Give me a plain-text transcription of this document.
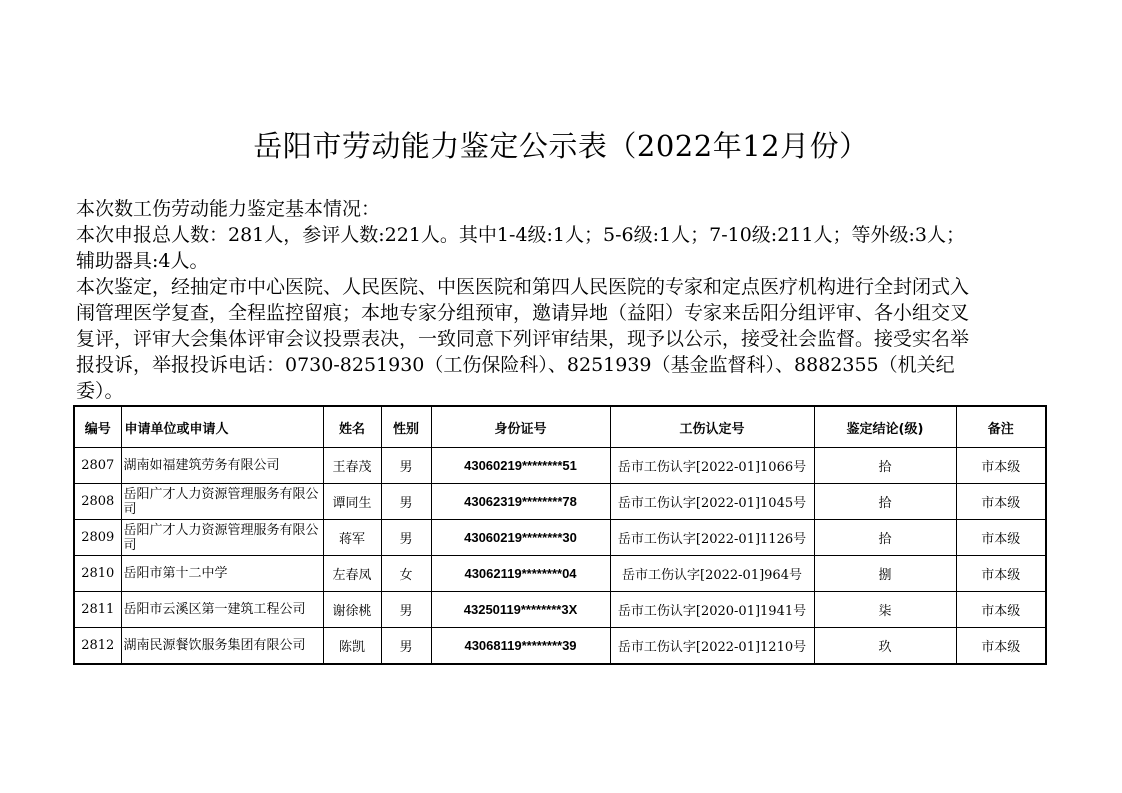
岳阳市劳动能力鉴定公示表（2022年12月份）

本次数工伤劳动能力鉴定基本情况：

本次申报总人数：281人，参评人数:221人。其中1-4级:1人；5-6级:1人；7-10级:211人；等外级:3人；辅助器具:4人。

本次鉴定，经抽定市中心医院、人民医院、中医医院和第四人民医院的专家和定点医疗机构进行全封闭式入闱管理医学复查，全程监控留痕；本地专家分组预审，邀请异地（益阳）专家来岳阳分组评审、各小组交叉复评，评审大会集体评审会议投票表决，一致同意下列评审结果，现予以公示，接受社会监督。接受实名举报投诉，举报投诉电话：0730-8251930（工伤保险科）、8251939（基金监督科）、8882355（机关纪委）。

编号	申请单位或申请人	姓名	性别	身份证号	工伤认定号	鉴定结论(级)	备注
2807	湖南如福建筑劳务有限公司	王春茂	男	43060219********51	岳市工伤认字[2022-01]1066号	拾	市本级
2808	岳阳广才人力资源管理服务有限公司	谭同生	男	43062319********78	岳市工伤认字[2022-01]1045号	拾	市本级
2809	岳阳广才人力资源管理服务有限公司	蒋军	男	43060219********30	岳市工伤认字[2022-01]1126号	拾	市本级
2810	岳阳市第十二中学	左春凤	女	43062119********04	岳市工伤认字[2022-01]964号	捌	市本级
2811	岳阳市云溪区第一建筑工程公司	谢徐桃	男	43250119********3X	岳市工伤认字[2020-01]1941号	柒	市本级
2812	湖南民源餐饮服务集团有限公司	陈凯	男	43068119********39	岳市工伤认字[2022-01]1210号	玖	市本级
